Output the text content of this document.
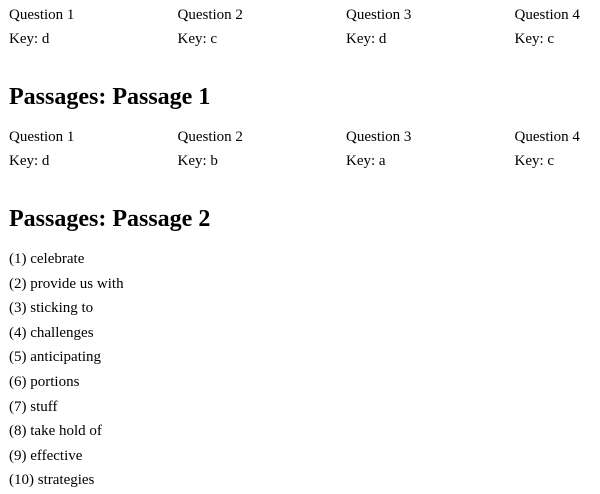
Question 1	Question 2	Question 3	Question 4
Key: d	Key: c	Key: d	Key: c
Passages: Passage 1
Question 1	Question 2	Question 3	Question 4
Key: d	Key: b	Key: a	Key: c
Passages: Passage 2
(1) celebrate
(2) provide us with
(3) sticking to
(4) challenges
(5) anticipating
(6) portions
(7) stuff
(8) take hold of
(9) effective
(10) strategies
